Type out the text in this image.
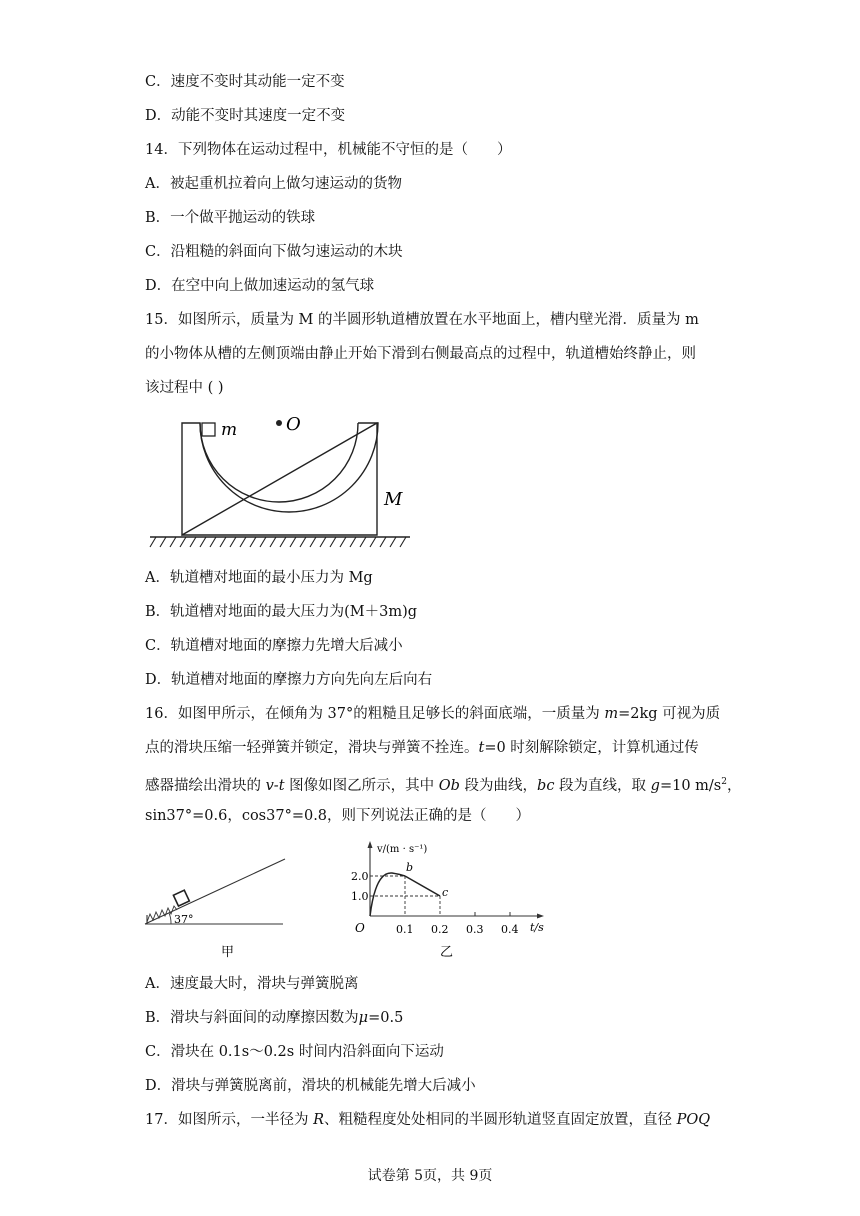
C．速度不变时其动能一定不变
D．动能不变时其速度一定不变
14．下列物体在运动过程中，机械能不守恒的是（　　）
A．被起重机拉着向上做匀速运动的货物
B．一个做平抛运动的铁球
C．沿粗糙的斜面向下做匀速运动的木块
D．在空中向上做加速运动的氢气球
15．如图所示，质量为 M 的半圆形轨道槽放置在水平地面上，槽内壁光滑．质量为 m
的小物体从槽的左侧顶端由静止开始下滑到右侧最高点的过程中，轨道槽始终静止，则
该过程中 ( )
m	O
M
A．轨道槽对地面的最小压力为 Mg
B．轨道槽对地面的最大压力为(M＋3m)g
C．轨道槽对地面的摩擦力先增大后减小
D．轨道槽对地面的摩擦力方向先向左后向右
16．如图甲所示，在倾角为 37°的粗糙且足够长的斜面底端，一质量为 m=2kg 可视为质
点的滑块压缩一轻弹簧并锁定，滑块与弹簧不拴连。t=0 时刻解除锁定，计算机通过传
感器描绘出滑块的 v-t 图像如图乙所示，其中 Ob 段为曲线，bc 段为直线，取 g=10 $m/s^2$，
sin37°=0.6，cos37°=0.8，则下列说法正确的是（　　）
37°
甲
v/(m · s⁻¹)
t/s
O
1.0
2.0
0.1 0.2 0.3 0.4
b
c
乙
A．速度最大时，滑块与弹簧脱离
B．滑块与斜面间的动摩擦因数为μ=0.5
C．滑块在 0.1s～0.2s 时间内沿斜面向下运动
D．滑块与弹簧脱离前，滑块的机械能先增大后减小
17．如图所示，一半径为 R、粗糙程度处处相同的半圆形轨道竖直固定放置，直径 POQ
试卷第 5页，共 9页
